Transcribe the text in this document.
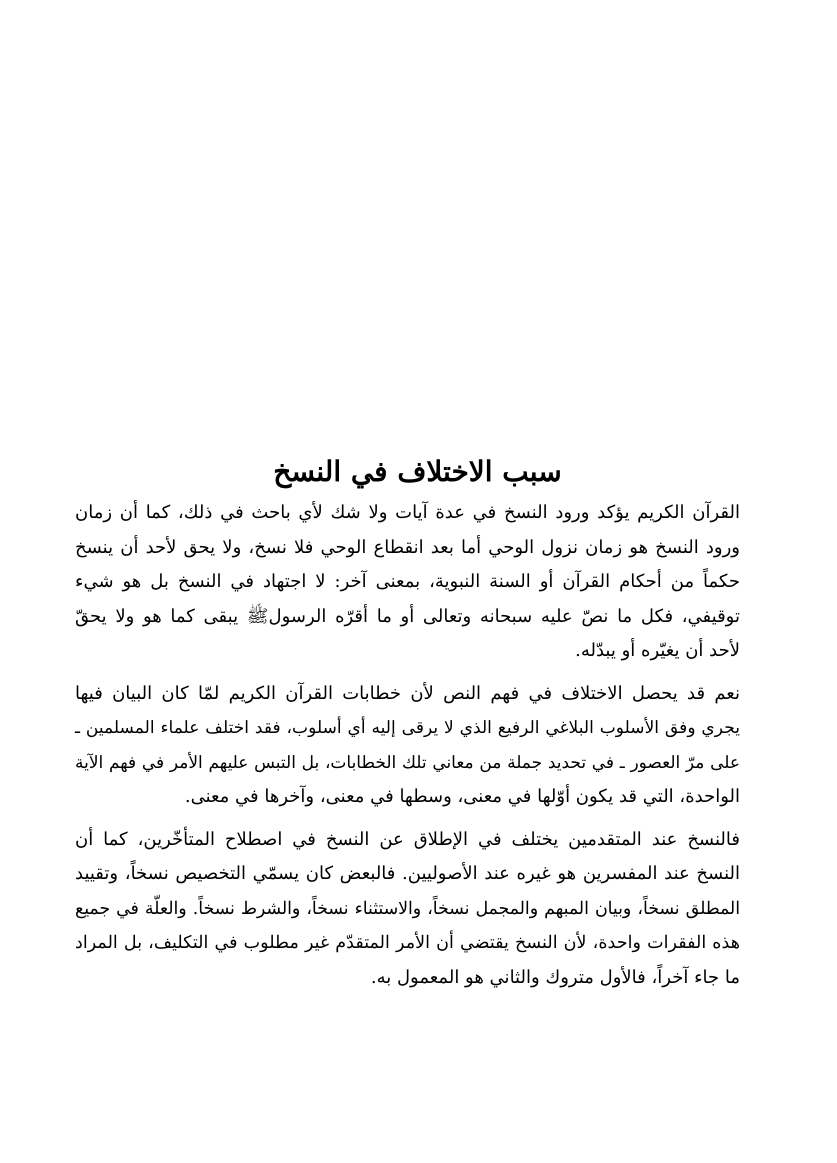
سبب الاختلاف في النسخ
القرآن الكريم يؤكد ورود النسخ في عدة آيات ولا شك لأي باحث في ذلك، كما أن زمان
ورود النسخ هو زمان نزول الوحي أما بعد انقطاع الوحي فلا نسخ، ولا يحق لأحد أن ينسخ
حكماً من أحكام القرآن أو السنة النبوية، بمعنى آخر: لا اجتهاد في النسخ بل هو شيء
توقيفي، فكل ما نصّ عليه سبحانه وتعالى أو ما أقرّه الرسولﷺ يبقى كما هو ولا يحقّ
لأحد أن يغيّره أو يبدّله.
نعم قد يحصل الاختلاف في فهم النص لأن خطابات القرآن الكريم لمّا كان البيان فيها
يجري وفق الأسلوب البلاغي الرفيع الذي لا يرقى إليه أي أسلوب، فقد اختلف علماء المسلمين ـ
على مرّ العصور ـ في تحديد جملة من معاني تلك الخطابات، بل التبس عليهم الأمر في فهم الآية
الواحدة، التي قد يكون أوّلها في معنى، وسطها في معنى، وآخرها في معنى.
فالنسخ عند المتقدمين يختلف في الإطلاق عن النسخ في اصطلاح المتأخّرين، كما أن
النسخ عند المفسرين هو غيره عند الأصوليين. فالبعض كان يسمّي التخصيص نسخاً، وتقييد
المطلق نسخاً، وبيان المبهم والمجمل نسخاً، والاستثناء نسخاً، والشرط نسخاً. والعلّة في جميع
هذه الفقرات واحدة، لأن النسخ يقتضي أن الأمر المتقدّم غير مطلوب في التكليف، بل المراد
ما جاء آخراً، فالأول متروك والثاني هو المعمول به.
